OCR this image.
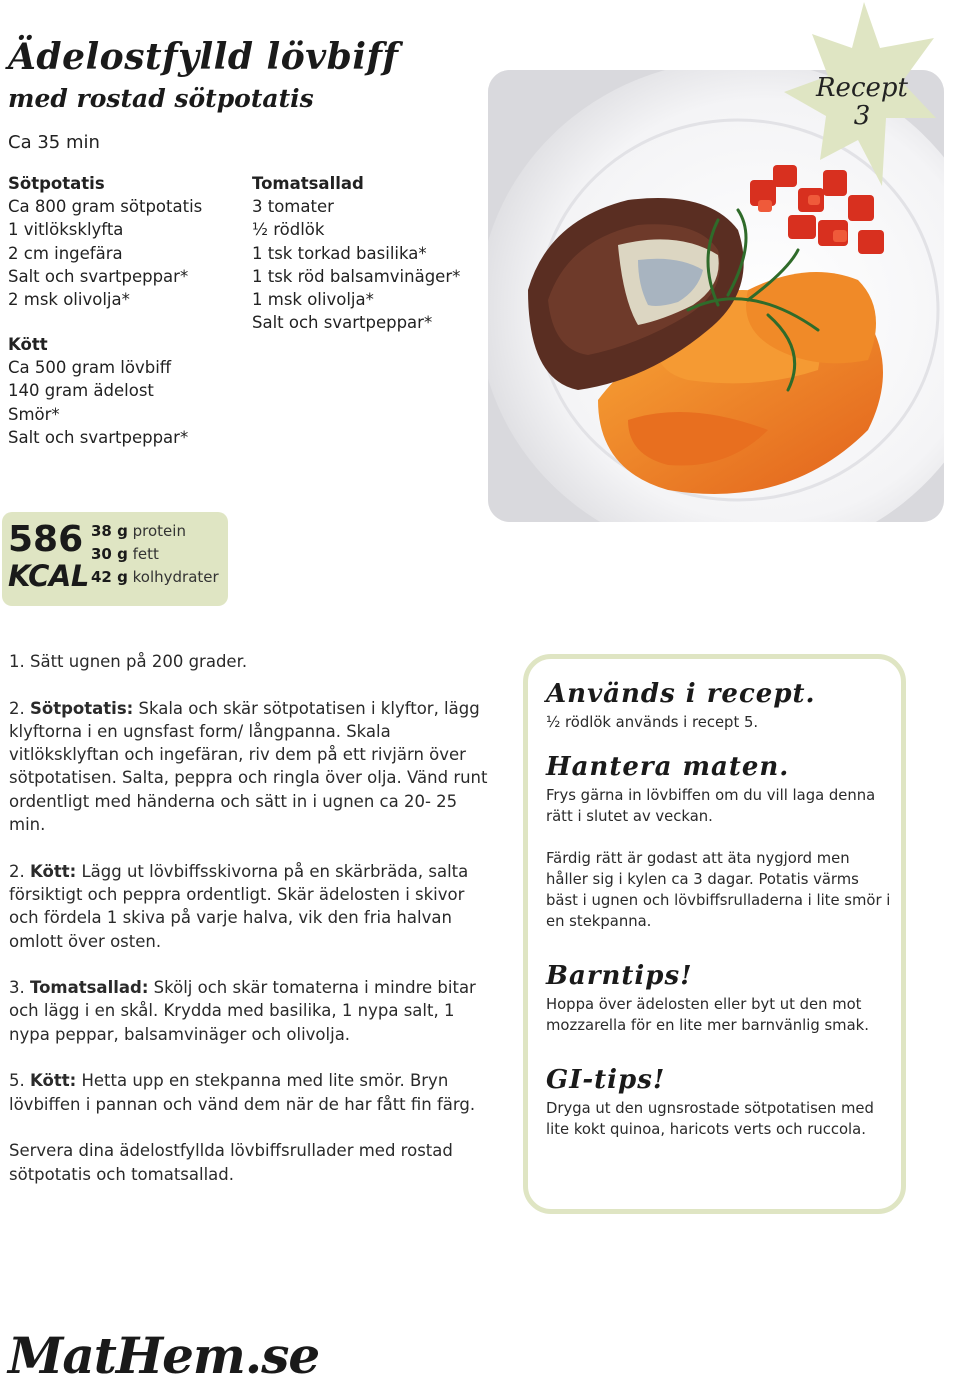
Ädelostfylld lövbiff
med rostad sötpotatis
Ca 35 min
Sötpotatis
Ca 800 gram sötpotatis
1 vitlöksklyfta
2 cm ingefära
Salt och svartpeppar*
2 msk olivolja*
Kött
Ca 500 gram lövbiff
140 gram ädelost
Smör*
Salt och svartpeppar*
Tomatsallad
3 tomater
½ rödlök
1 tsk torkad basilika*
1 tsk röd balsamvinäger*
1 msk olivolja*
Salt och svartpeppar*
Recept
3
586
KCAL
38 g protein
30 g fett
42 g kolhydrater

1. Sätt ugnen på 200 grader.

2. Sötpotatis: Skala och skär sötpotatisen i klyftor, lägg klyftorna i en ugnsfast form/ långpanna. Skala vitlöksklyftan och ingefäran, riv dem på ett rivjärn över sötpotatisen. Salta, peppra och ringla över olja. Vänd runt ordentligt med händerna och sätt in i ugnen ca 20- 25 min.

2. Kött: Lägg ut lövbiffsskivorna på en skärbräda, salta försiktigt och peppra ordentligt. Skär ädelosten i skivor och fördela 1 skiva på varje halva, vik den fria halvan omlott över osten.

3. Tomatsallad: Skölj och skär tomaterna i mindre bitar och lägg i en skål. Krydda med basilika, 1 nypa salt, 1 nypa peppar, balsamvinäger och olivolja.

5. Kött: Hetta upp en stekpanna med lite smör. Bryn lövbiffen i pannan och vänd dem när de har fått fin färg.

Servera dina ädelostfyllda lövbiffsrullader med rostad sötpotatis och tomatsallad.

Används i recept.

½ rödlök används i recept 5.

Hantera maten.

Frys gärna in lövbiffen om du vill laga denna rätt i slutet av veckan.

Färdig rätt är godast att äta nygjord men håller sig i kylen ca 3 dagar. Potatis värms bäst i ugnen och lövbiffsrulladerna i lite smör i en stekpanna.

Barntips!

Hoppa över ädelosten eller byt ut den mot mozzarella för en lite mer barnvänlig smak.

GI-tips!

Dryga ut den ugnsrostade sötpotatisen med lite kokt quinoa, haricots verts och ruccola.

MatHem.se
